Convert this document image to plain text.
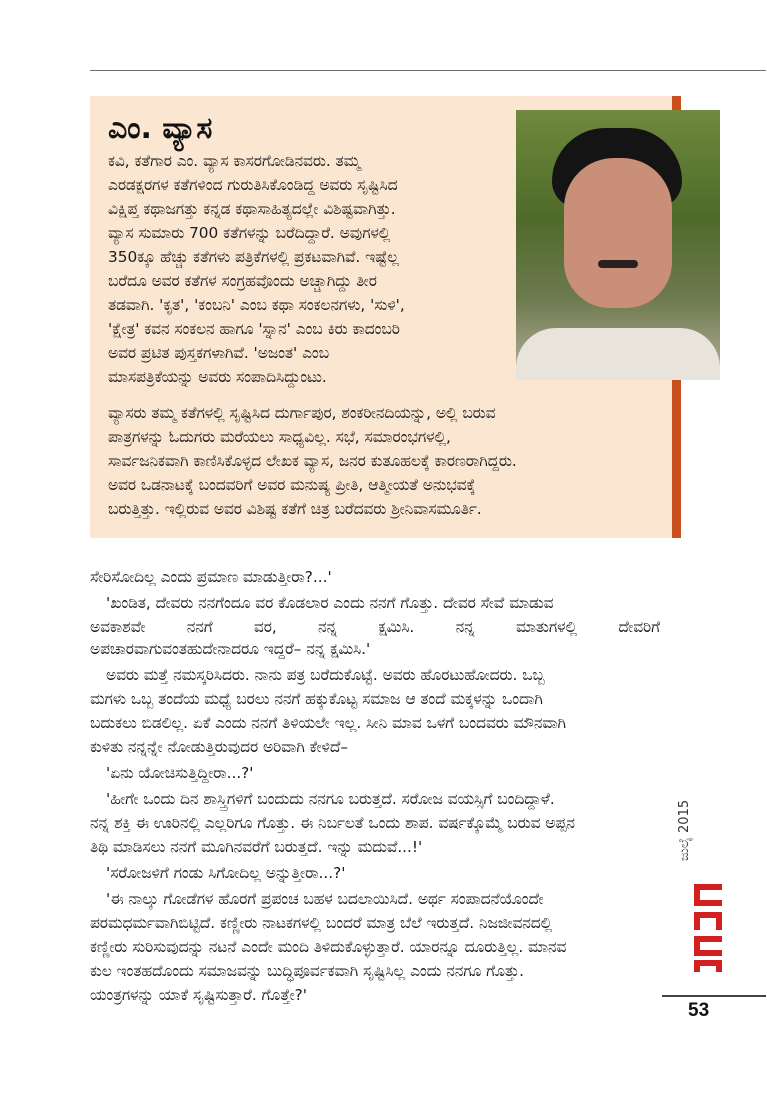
ಎಂ. ವ್ಯಾಸ

ಕವಿ, ಕತೆಗಾರ ಎಂ. ವ್ಯಾಸ ಕಾಸರಗೋಡಿನವರು. ತಮ್ಮ

ಎರಡಕ್ಷರಗಳ ಕತೆಗಳಿಂದ ಗುರುತಿಸಿಕೊಂಡಿದ್ದ ಅವರು ಸೃಷ್ಟಿಸಿದ

ವಿಕ್ಷಿಪ್ತ ಕಥಾಜಗತ್ತು ಕನ್ನಡ ಕಥಾಸಾಹಿತ್ಯದಲ್ಲೇ ವಿಶಿಷ್ಟವಾಗಿತ್ತು.

ವ್ಯಾಸ ಸುಮಾರು 700 ಕತೆಗಳನ್ನು ಬರೆದಿದ್ದಾರೆ. ಅವುಗಳಲ್ಲಿ

350ಕ್ಕೂ ಹೆಚ್ಚು ಕತೆಗಳು ಪತ್ರಿಕೆಗಳಲ್ಲಿ ಪ್ರಕಟವಾಗಿವೆ. ಇಷ್ಟೆಲ್ಲ

ಬರೆದೂ ಅವರ ಕತೆಗಳ ಸಂಗ್ರಹವೊಂದು ಅಚ್ಚಾಗಿದ್ದು ತೀರ

ತಡವಾಗಿ. 'ಕೃತ', 'ಕಂಬನಿ' ಎಂಬ ಕಥಾ ಸಂಕಲನಗಳು, 'ಸುಳಿ',

'ಕ್ಷೇತ್ರ' ಕವನ ಸಂಕಲನ ಹಾಗೂ 'ಸ್ನಾನ' ಎಂಬ ಕಿರು ಕಾದಂಬರಿ

ಅವರ ಪ್ರಟಿತ ಪುಸ್ತಕಗಳಾಗಿವೆ. 'ಅಜಂತ' ಎಂಬ

ಮಾಸಪತ್ರಿಕೆಯನ್ನು ಅವರು ಸಂಪಾದಿಸಿದ್ದುಂಟು.

ವ್ಯಾಸರು ತಮ್ಮ ಕತೆಗಳಲ್ಲಿ ಸೃಷ್ಟಿಸಿದ ದುರ್ಗಾಪುರ, ಶಂಕರೀನದಿಯನ್ನು, ಅಲ್ಲಿ ಬರುವ

ಪಾತ್ರಗಳನ್ನು ಓದುಗರು ಮರೆಯಲು ಸಾಧ್ಯವಿಲ್ಲ. ಸಭೆ, ಸಮಾರಂಭಗಳಲ್ಲಿ,

ಸಾರ್ವಜನಿಕವಾಗಿ ಕಾಣಿಸಿಕೊಳ್ಳದ ಲೇಖಕ ವ್ಯಾಸ, ಜನರ ಕುತೂಹಲಕ್ಕೆ ಕಾರಣರಾಗಿದ್ದರು.

ಅವರ ಒಡನಾಟಕ್ಕೆ ಬಂದವರಿಗೆ ಅವರ ಮನುಷ್ಯ ಪ್ರೀತಿ, ಆತ್ಮೀಯತೆ ಅನುಭವಕ್ಕೆ

ಬರುತ್ತಿತ್ತು. ಇಲ್ಲಿರುವ ಅವರ ವಿಶಿಷ್ಟ ಕತೆಗೆ ಚಿತ್ರ ಬರೆದವರು ಶ್ರೀನಿವಾಸಮೂರ್ತಿ.

ಸೇರಿಸೋದಿಲ್ಲ ಎಂದು ಪ್ರಮಾಣ ಮಾಡುತ್ತೀರಾ?...'

'ಖಂಡಿತ, ದೇವರು ನನಗೆಂದೂ ವರ ಕೊಡಲಾರ ಎಂದು ನನಗೆ ಗೊತ್ತು. ದೇವರ ಸೇವೆ ಮಾಡುವ

ಅವಕಾಶವೇ	ನನಗೆ	ವರ,	ನನ್ನ	ಕ್ಷಮಿಸಿ.	ನನ್ನ	ಮಾತುಗಳಲ್ಲಿ	ದೇವರಿಗೆ

ಅಪಚಾರವಾಗುವಂತಹುದೇನಾದರೂ ಇದ್ದರೆ– ನನ್ನ ಕ್ಷಮಿಸಿ.'

ಅವರು ಮತ್ತೆ ನಮಸ್ಕರಿಸಿದರು. ನಾನು ಪತ್ರ ಬರೆದುಕೊಟ್ಟೆ. ಅವರು ಹೊರಟುಹೋದರು. ಒಬ್ಬ

ಮಗಳು ಒಬ್ಬ ತಂದೆಯ ಮಧ್ಯೆ ಬರಲು ನನಗೆ ಹಕ್ಕುಕೊಟ್ಟ ಸಮಾಜ ಆ ತಂದೆ ಮಕ್ಕಳನ್ನು ಒಂದಾಗಿ

ಬದುಕಲು ಬಿಡಲಿಲ್ಲ. ಏಕೆ ಎಂದು ನನಗೆ ತಿಳಿಯಲೇ ಇಲ್ಲ. ಸೀನಿ ಮಾವ ಒಳಗೆ ಬಂದವರು ಮೌನವಾಗಿ

ಕುಳಿತು ನನ್ನನ್ನೇ ನೋಡುತ್ತಿರುವುದರ ಅರಿವಾಗಿ ಕೇಳಿದೆ–

'ಏನು ಯೋಚಿಸುತ್ತಿದ್ದೀರಾ...?'

'ಹೀಗೇ ಒಂದು ದಿನ ಶಾಸ್ತ್ರಿಗಳಿಗೆ ಬಂದುದು ನನಗೂ ಬರುತ್ತದೆ. ಸರೋಜ ವಯಸ್ಸಿಗೆ ಬಂದಿದ್ದಾಳೆ.

ನನ್ನ ಶಕ್ತಿ ಈ ಊರಿನಲ್ಲಿ ಎಲ್ಲರಿಗೂ ಗೊತ್ತು. ಈ ನಿರ್ಬಲತೆ ಒಂದು ಶಾಪ. ವರ್ಷಕ್ಕೊಮ್ಮೆ ಬರುವ ಅಪ್ಪನ

ತಿಥಿ ಮಾಡಿಸಲು ನನಗೆ ಮೂಗಿನವರೆಗೆ ಬರುತ್ತದೆ. ಇನ್ನು ಮದುವೆ...!'

'ಸರೋಜಳಿಗೆ ಗಂಡು ಸಿಗೋದಿಲ್ಲ ಅನ್ನುತ್ತೀರಾ...?'

'ಈ ನಾಲ್ಕು ಗೋಡೆಗಳ ಹೊರಗೆ ಪ್ರಪಂಚ ಬಹಳ ಬದಲಾಯಿಸಿದೆ. ಅರ್ಥ ಸಂಪಾದನೆಯೊಂದೇ

ಪರಮಧರ್ಮವಾಗಿಬಿಟ್ಟಿದೆ. ಕಣ್ಣೀರು ನಾಟಕಗಳಲ್ಲಿ ಬಂದರೆ ಮಾತ್ರ ಬೆಲೆ ಇರುತ್ತದೆ. ನಿಜಜೀವನದಲ್ಲಿ

ಕಣ್ಣೀರು ಸುರಿಸುವುದನ್ನು ನಟನೆ ಎಂದೇ ಮಂದಿ ತಿಳಿದುಕೊಳ್ಳುತ್ತಾರೆ. ಯಾರನ್ನೂ ದೂರುತ್ತಿಲ್ಲ. ಮಾನವ

ಕುಲ ಇಂತಹದೊಂದು ಸಮಾಜವನ್ನು ಬುದ್ಧಿಪೂರ್ವಕವಾಗಿ ಸೃಷ್ಟಿಸಿಲ್ಲ ಎಂದು ನನಗೂ ಗೊತ್ತು.

ಯಂತ್ರಗಳನ್ನು ಯಾಕೆ ಸೃಷ್ಟಿಸುತ್ತಾರೆ. ಗೊತ್ತೇ?'

ಜುಲೈ 2015

53
